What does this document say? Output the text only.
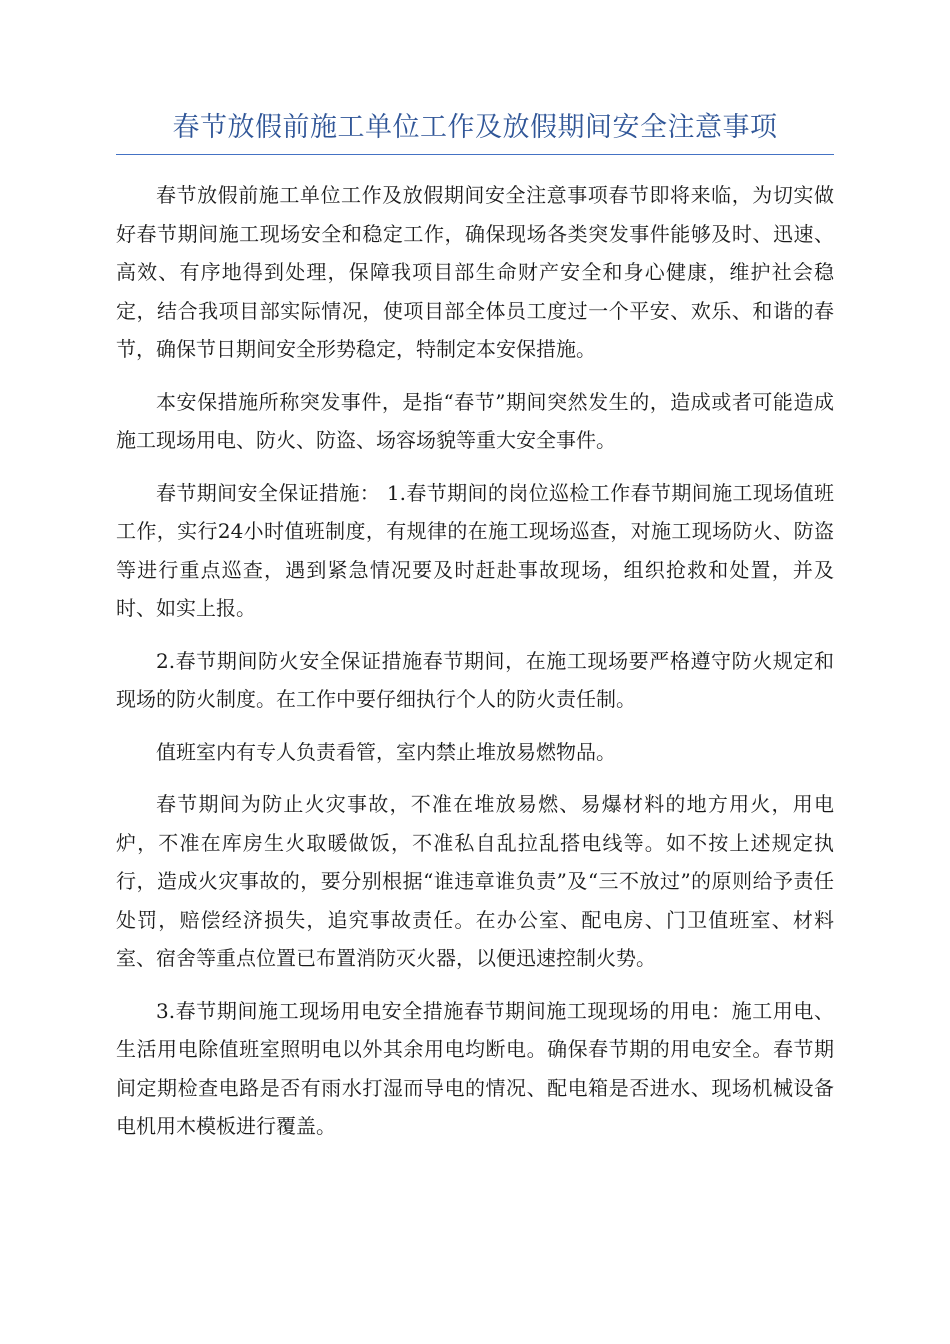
春节放假前施工单位工作及放假期间安全注意事项

春节放假前施工单位工作及放假期间安全注意事项春节即将来临，为切实做好春节期间施工现场安全和稳定工作，确保现场各类突发事件能够及时、迅速、高效、有序地得到处理，保障我项目部生命财产安全和身心健康，维护社会稳定，结合我项目部实际情况，使项目部全体员工度过一个平安、欢乐、和谐的春节，确保节日期间安全形势稳定，特制定本安保措施。

本安保措施所称突发事件，是指“春节”期间突然发生的，造成或者可能造成施工现场用电、防火、防盗、场容场貌等重大安全事件。

春节期间安全保证措施： 1.春节期间的岗位巡检工作春节期间施工现场值班工作，实行24小时值班制度，有规律的在施工现场巡查，对施工现场防火、防盗等进行重点巡查，遇到紧急情况要及时赶赴事故现场，组织抢救和处置，并及时、如实上报。

2.春节期间防火安全保证措施春节期间，在施工现场要严格遵守防火规定和现场的防火制度。在工作中要仔细执行个人的防火责任制。

值班室内有专人负责看管，室内禁止堆放易燃物品。

春节期间为防止火灾事故，不准在堆放易燃、易爆材料的地方用火，用电炉，不准在库房生火取暖做饭，不准私自乱拉乱搭电线等。如不按上述规定执行，造成火灾事故的，要分别根据“谁违章谁负责”及“三不放过”的原则给予责任处罚，赔偿经济损失，追究事故责任。在办公室、配电房、门卫值班室、材料室、宿舍等重点位置已布置消防灭火器，以便迅速控制火势。

3.春节期间施工现场用电安全措施春节期间施工现现场的用电：施工用电、生活用电除值班室照明电以外其余用电均断电。确保春节期的用电安全。春节期间定期检查电路是否有雨水打湿而导电的情况、配电箱是否进水、现场机械设备电机用木模板进行覆盖。
